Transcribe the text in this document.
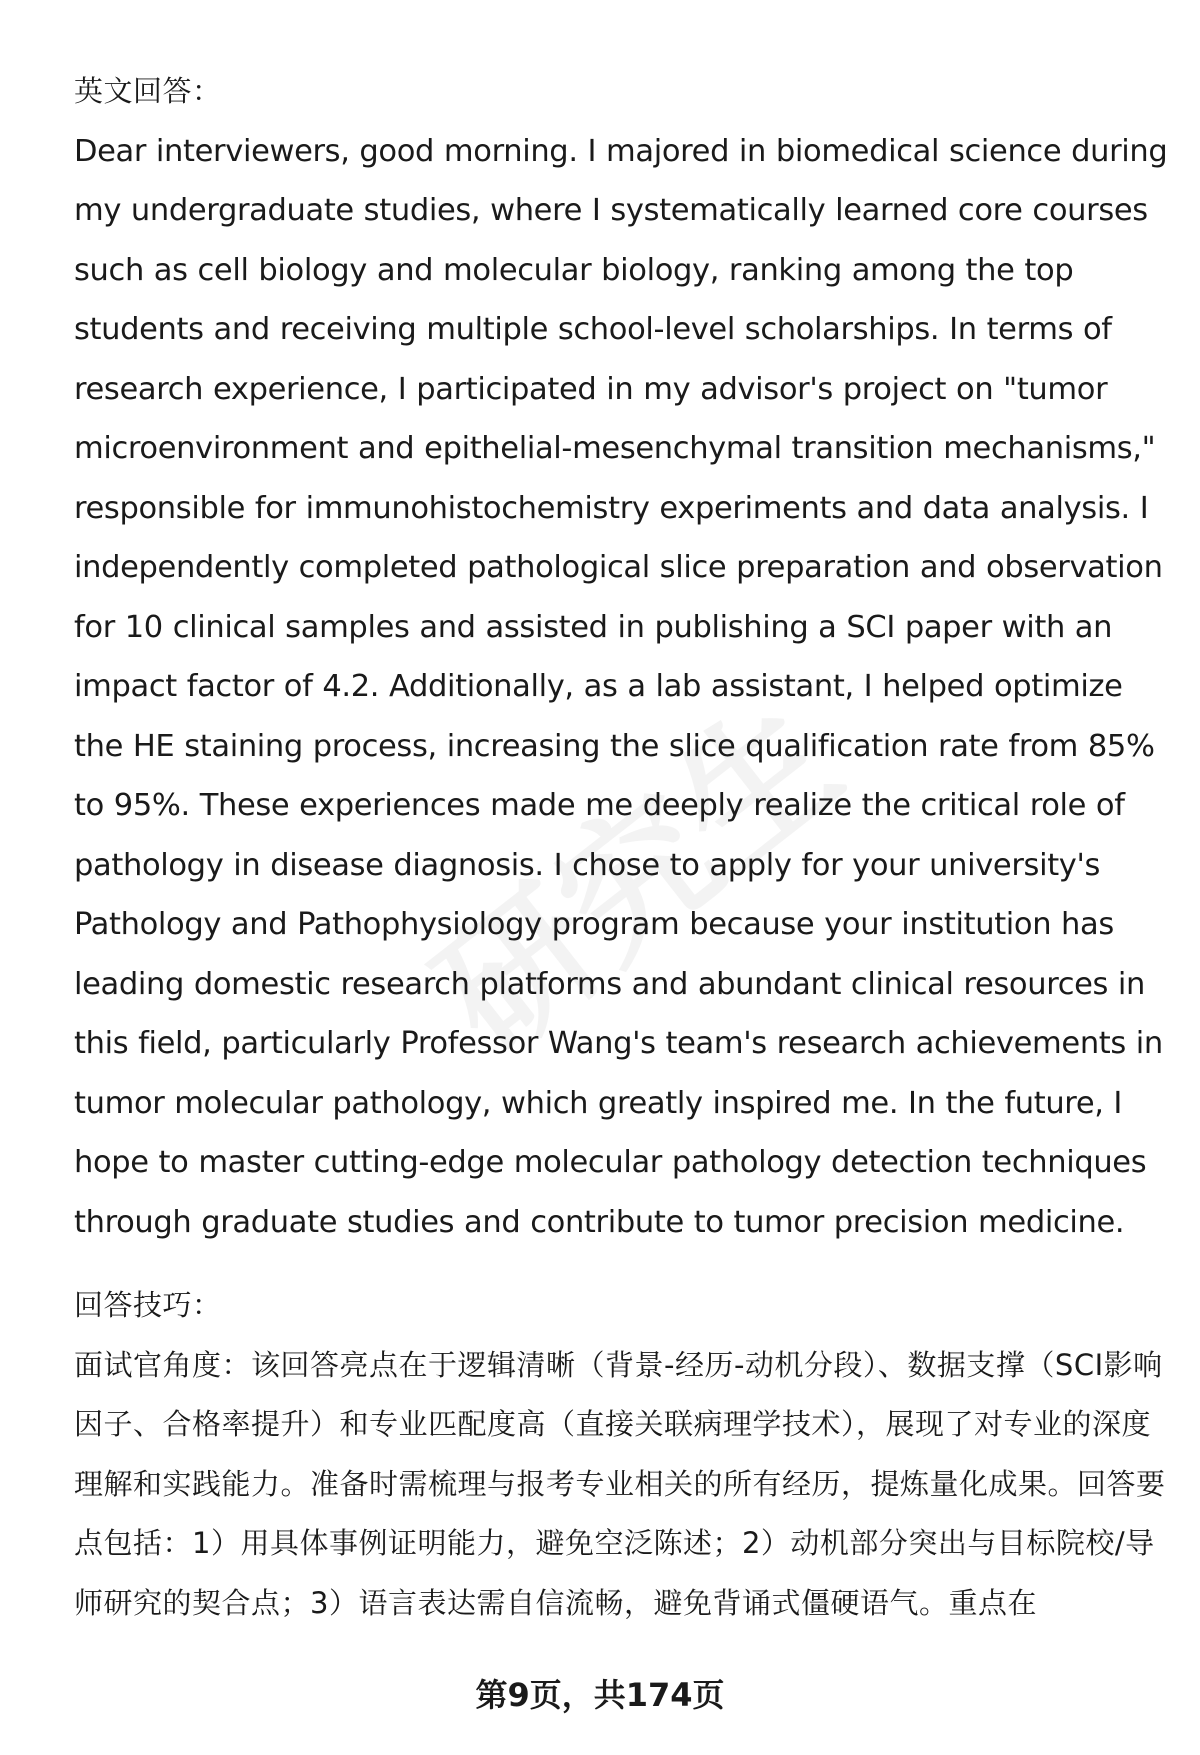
英文回答：

Dear interviewers, good morning. I majored in biomedical science during my undergraduate studies, where I systematically learned core courses such as cell biology and molecular biology, ranking among the top students and receiving multiple school-level scholarships. In terms of research experience, I participated in my advisor's project on "tumor microenvironment and epithelial-mesenchymal transition mechanisms," responsible for immunohistochemistry experiments and data analysis. I independently completed pathological slice preparation and observation for 10 clinical samples and assisted in publishing a SCI paper with an impact factor of 4.2. Additionally, as a lab assistant, I helped optimize the HE staining process, increasing the slice qualification rate from 85% to 95%. These experiences made me deeply realize the critical role of pathology in disease diagnosis. I chose to apply for your university's Pathology and Pathophysiology program because your institution has leading domestic research platforms and abundant clinical resources in this field, particularly Professor Wang's team's research achievements in tumor molecular pathology, which greatly inspired me. In the future, I hope to master cutting-edge molecular pathology detection techniques through graduate studies and contribute to tumor precision medicine.

回答技巧：

面试官角度：该回答亮点在于逻辑清晰（背景-经历-动机分段）、数据支撑（SCI影响因子、合格率提升）和专业匹配度高（直接关联病理学技术），展现了对专业的深度理解和实践能力。准备时需梳理与报考专业相关的所有经历，提炼量化成果。回答要点包括：1）用具体事例证明能力，避免空泛陈述；2）动机部分突出与目标院校/导师研究的契合点；3）语言表达需自信流畅，避免背诵式僵硬语气。重点在

第9页，共174页
